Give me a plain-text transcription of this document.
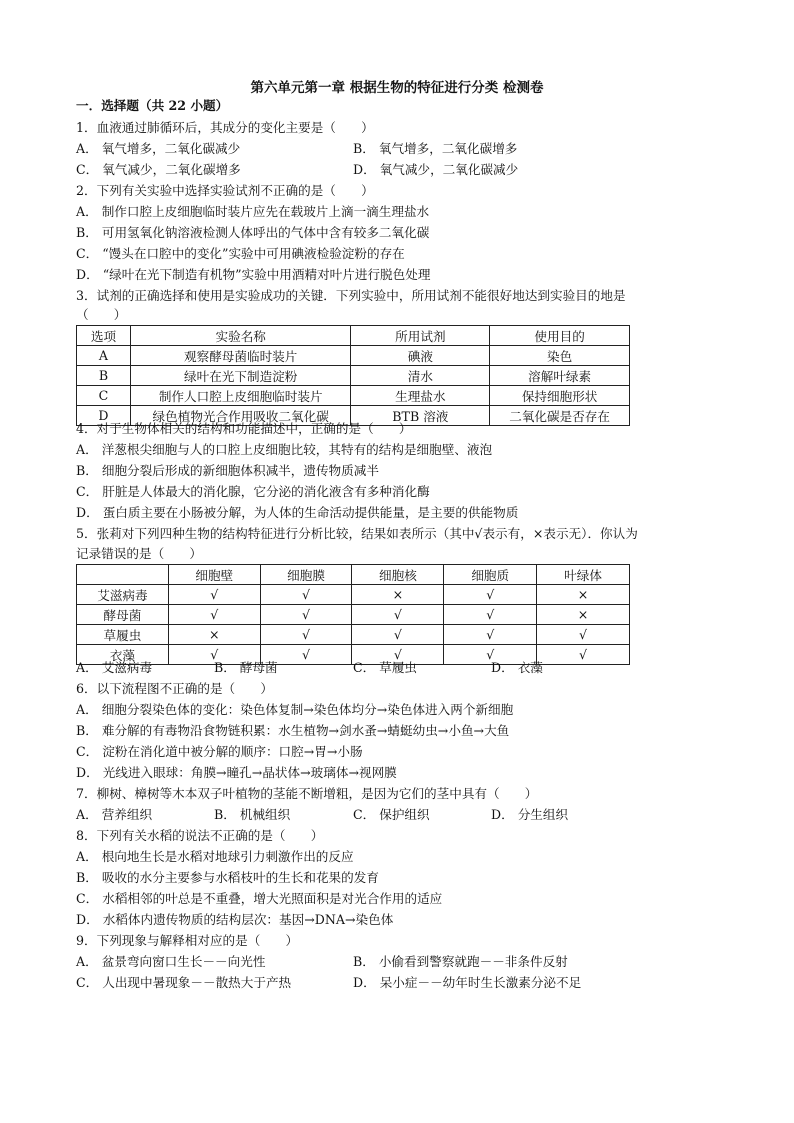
第六单元第一章 根据生物的特征进行分类 检测卷
一．选择题（共 22 小题）
1．血液通过肺循环后，其成分的变化主要是（　　）
A． 氧气增多，二氧化碳减少	B． 氧气增多，二氧化碳增多
C． 氧气减少，二氧化碳增多	D． 氧气减少，二氧化碳减少
2．下列有关实验中选择实验试剂不正确的是（　　）
A． 制作口腔上皮细胞临时装片应先在载玻片上滴一滴生理盐水
B． 可用氢氧化钠溶液检测人体呼出的气体中含有较多二氧化碳
C． “馒头在口腔中的变化”实验中可用碘液检验淀粉的存在
D． “绿叶在光下制造有机物”实验中用酒精对叶片进行脱色处理
3．试剂的正确选择和使用是实验成功的关键．下列实验中，所用试剂不能很好地达到实验目的地是
（　　）
选项	实验名称	所用试剂	使用目的
A	观察酵母菌临时装片	碘液	染色
B	绿叶在光下制造淀粉	清水	溶解叶绿素
C	制作人口腔上皮细胞临时装片	生理盐水	保持细胞形状
D	绿色植物光合作用吸收二氧化碳	BTB 溶液	二氧化碳是否存在
4．对于生物体相关的结构和功能描述中，正确的是（　　）
A． 洋葱根尖细胞与人的口腔上皮细胞比较，其特有的结构是细胞壁、液泡
B． 细胞分裂后形成的新细胞体积减半，遗传物质减半
C． 肝脏是人体最大的消化腺，它分泌的消化液含有多种消化酶
D． 蛋白质主要在小肠被分解，为人体的生命活动提供能量，是主要的供能物质
5．张莉对下列四种生物的结构特征进行分析比较，结果如表所示（其中√表示有，×表示无）．你认为
记录错误的是（　　）
	细胞壁	细胞膜	细胞核	细胞质	叶绿体
艾滋病毒	√	√	×	√	×
酵母菌	√	√	√	√	×
草履虫	×	√	√	√	√
衣藻	√	√	√	√	√
A． 艾滋病毒	B． 酵母菌	C． 草履虫	D． 衣藻
6．以下流程图不正确的是（　　）
A． 细胞分裂染色体的变化：染色体复制→染色体均分→染色体进入两个新细胞
B． 难分解的有毒物沿食物链积累：水生植物→剑水蚤→蜻蜓幼虫→小鱼→大鱼
C． 淀粉在消化道中被分解的顺序：口腔→胃→小肠
D． 光线进入眼球：角膜→瞳孔→晶状体→玻璃体→视网膜
7．柳树、樟树等木本双子叶植物的茎能不断增粗，是因为它们的茎中具有（　　）
A． 营养组织	B． 机械组织	C． 保护组织	D． 分生组织
8．下列有关水稻的说法不正确的是（　　）
A． 根向地生长是水稻对地球引力刺激作出的反应
B． 吸收的水分主要参与水稻枝叶的生长和花果的发育
C． 水稻相邻的叶总是不重叠，增大光照面积是对光合作用的适应
D． 水稻体内遗传物质的结构层次：基因→DNA→染色体
9．下列现象与解释相对应的是（　　）
A． 盆景弯向窗口生长－－向光性	B． 小偷看到警察就跑－－非条件反射
C． 人出现中暑现象－－散热大于产热	D． 呆小症－－幼年时生长激素分泌不足
